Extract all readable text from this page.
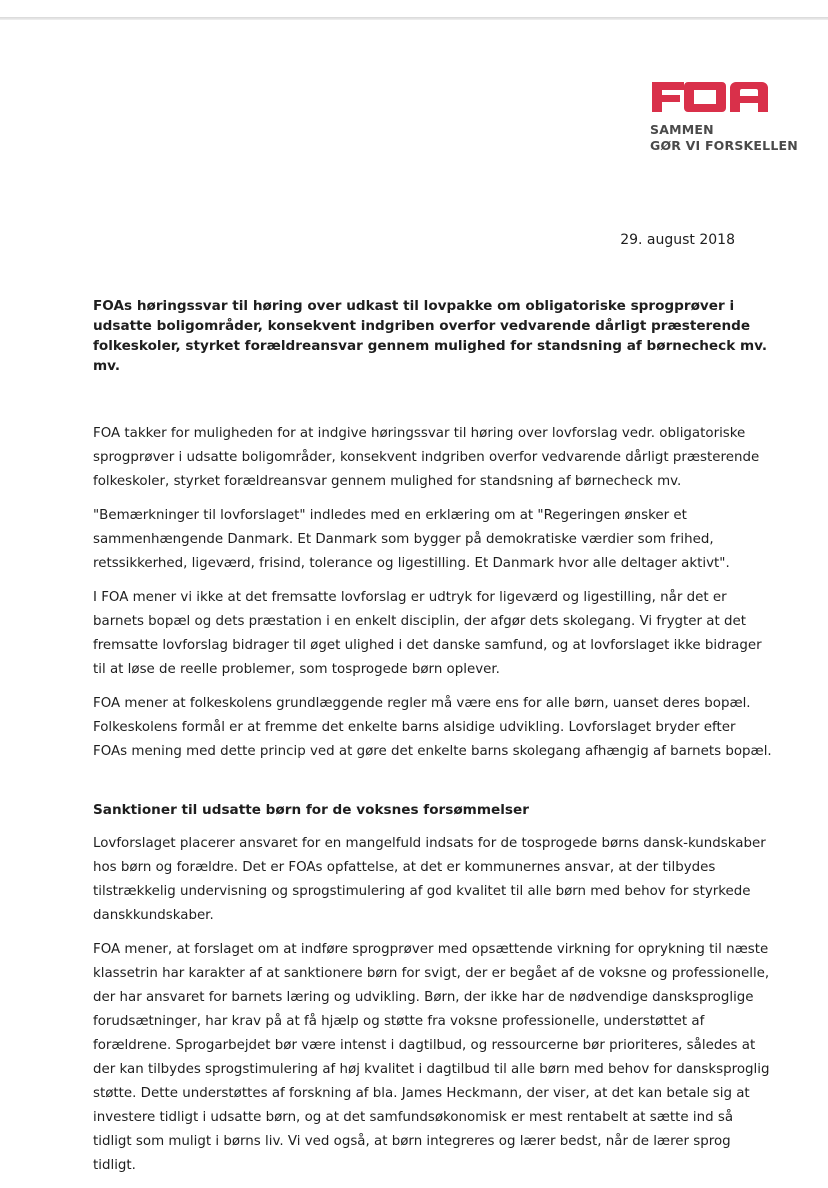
SAMMEN
GØR VI FORSKELLEN
29. august 2018

FOAs høringssvar til høring over udkast til lovpakke om obligatoriske sprogprøver i udsatte boligområder, konsekvent indgriben overfor vedvarende dårligt præsterende folkeskoler, styrket forældreansvar gennem mulighed for standsning af børnecheck mv. mv.

FOA takker for muligheden for at indgive høringssvar til høring over lovforslag vedr. obligatoriske sprogprøver i udsatte boligområder, konsekvent indgriben overfor vedvarende dårligt præsterende folkeskoler, styrket forældreansvar gennem mulighed for standsning af børnecheck mv.

"Bemærkninger til lovforslaget" indledes med en erklæring om at "Regeringen ønsker et sammenhængende Danmark. Et Danmark som bygger på demokratiske værdier som frihed, retssikkerhed, ligeværd, frisind, tolerance og ligestilling. Et Danmark hvor alle deltager aktivt".

I FOA mener vi ikke at det fremsatte lovforslag er udtryk for ligeværd og ligestilling, når det er barnets bopæl og dets præstation i en enkelt disciplin, der afgør dets skolegang. Vi frygter at det fremsatte lovforslag bidrager til øget ulighed i det danske samfund, og at lovforslaget ikke bidrager til at løse de reelle problemer, som tosprogede børn oplever.

FOA mener at folkeskolens grundlæggende regler må være ens for alle børn, uanset deres bopæl. Folkeskolens formål er at fremme det enkelte barns alsidige udvikling. Lovforslaget bryder efter FOAs mening med dette princip ved at gøre det enkelte barns skolegang afhængig af barnets bopæl.

Sanktioner til udsatte børn for de voksnes forsømmelser

Lovforslaget placerer ansvaret for en mangelfuld indsats for de tosprogede børns dansk-kundskaber hos børn og forældre. Det er FOAs opfattelse, at det er kommunernes ansvar, at der tilbydes tilstrækkelig undervisning og sprogstimulering af god kvalitet til alle børn med behov for styrkede danskkundskaber.

FOA mener, at forslaget om at indføre sprogprøver med opsættende virkning for oprykning til næste klassetrin har karakter af at sanktionere børn for svigt, der er begået af de voksne og professionelle, der har ansvaret for barnets læring og udvikling. Børn, der ikke har de nødvendige dansksproglige forudsætninger, har krav på at få hjælp og støtte fra voksne professionelle, understøttet af forældrene. Sprogarbejdet bør være intenst i dagtilbud, og ressourcerne bør prioriteres, således at der kan tilbydes sprogstimulering af høj kvalitet i dagtilbud til alle børn med behov for dansksproglig støtte. Dette understøttes af forskning af bla. James Heckmann, der viser, at det kan betale sig at investere tidligt i udsatte børn, og at det samfundsøkonomisk er mest rentabelt at sætte ind så tidligt som muligt i børns liv. Vi ved også, at børn integreres og lærer bedst, når de lærer sprog tidligt.
